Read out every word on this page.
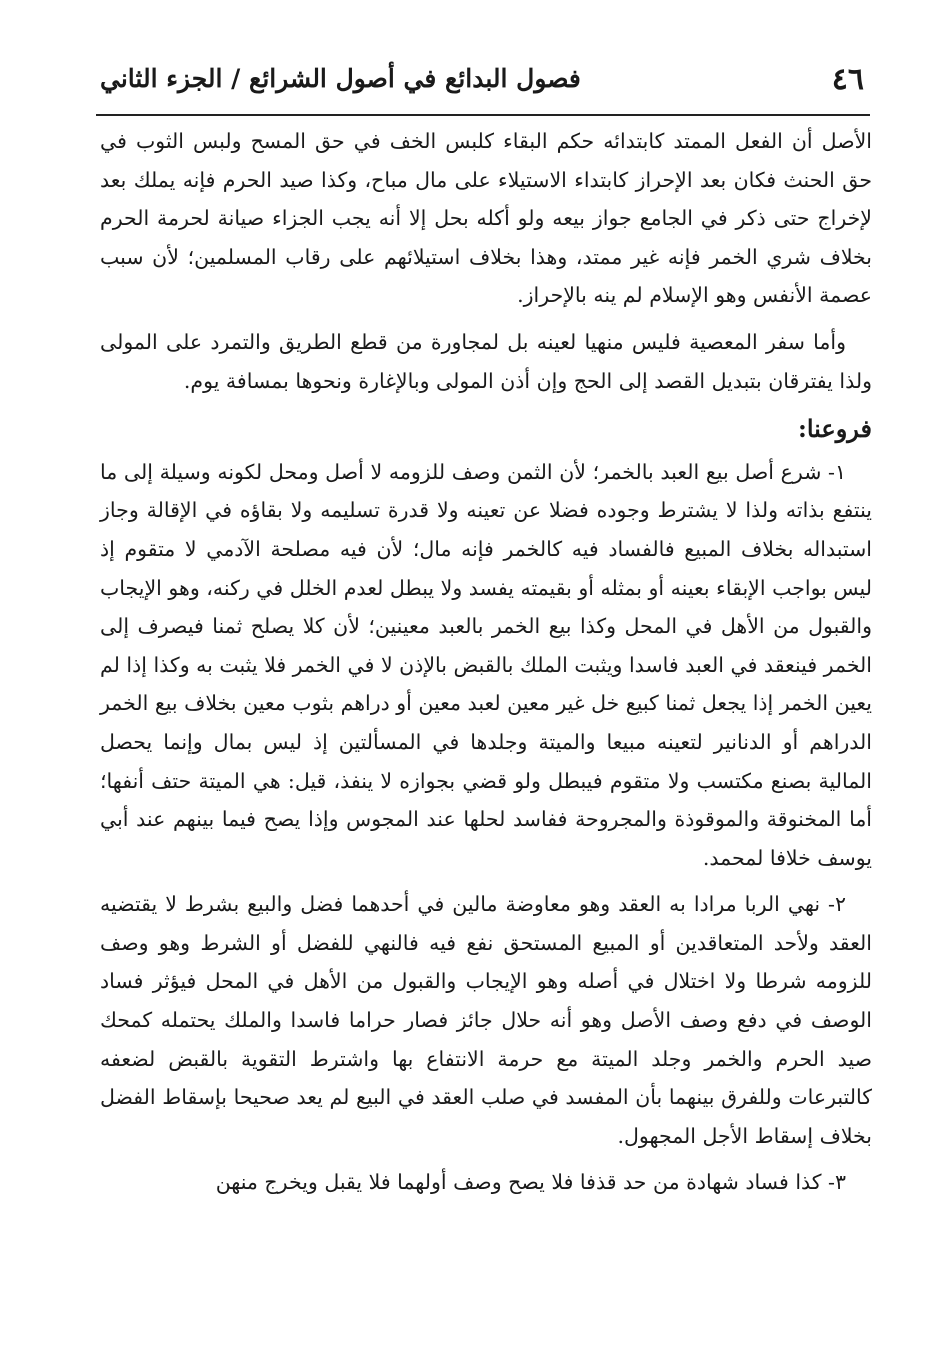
٤٦
فصول البدائع في أصول الشرائع / الجزء الثاني

الأصل أن الفعل الممتد كابتدائه حكم البقاء كلبس الخف في حق المسح ولبس الثوب في حق الحنث فكان بعد الإحراز كابتداء الاستيلاء على مال مباح، وكذا صيد الحرم فإنه يملك بعد لإخراج حتى ذكر في الجامع جواز بيعه ولو أكله بحل إلا أنه يجب الجزاء صيانة لحرمة الحرم بخلاف شري الخمر فإنه غير ممتد، وهذا بخلاف استيلائهم على رقاب المسلمين؛ لأن سبب عصمة الأنفس وهو الإسلام لم ينه بالإحراز.

وأما سفر المعصية فليس منهيا لعينه بل لمجاورة من قطع الطريق والتمرد على المولى ولذا يفترقان بتبديل القصد إلى الحج وإن أذن المولى وبالإغارة ونحوها بمسافة يوم.

فروعنا:

١- شرع أصل بيع العبد بالخمر؛ لأن الثمن وصف للزومه لا أصل ومحل لكونه وسيلة إلى ما ينتفع بذاته ولذا لا يشترط وجوده فضلا عن تعينه ولا قدرة تسليمه ولا بقاؤه في الإقالة وجاز استبداله بخلاف المبيع فالفساد فيه كالخمر فإنه مال؛ لأن فيه مصلحة الآدمي لا متقوم إذ ليس بواجب الإبقاء بعينه أو بمثله أو بقيمته يفسد ولا يبطل لعدم الخلل في ركنه، وهو الإيجاب والقبول من الأهل في المحل وكذا بيع الخمر بالعبد معينين؛ لأن كلا يصلح ثمنا فيصرف إلى الخمر فينعقد في العبد فاسدا ويثبت الملك بالقبض بالإذن لا في الخمر فلا يثبت به وكذا إذا لم يعين الخمر إذا يجعل ثمنا كبيع خل غير معين لعبد معين أو دراهم بثوب معين بخلاف بيع الخمر الدراهم أو الدنانير لتعينه مبيعا والميتة وجلدها في المسألتين إذ ليس بمال وإنما يحصل المالية بصنع مكتسب ولا متقوم فيبطل ولو قضي بجوازه لا ينفذ، قيل: هي الميتة حتف أنفها؛ أما المخنوقة والموقوذة والمجروحة ففاسد لحلها عند المجوس وإذا يصح فيما بينهم عند أبي يوسف خلافا لمحمد.

٢- نهي الربا مرادا به العقد وهو معاوضة مالين في أحدهما فضل والبيع بشرط لا يقتضيه العقد ولأحد المتعاقدين أو المبيع المستحق نفع فيه فالنهي للفضل أو الشرط وهو وصف للزومه شرطا ولا اختلال في أصله وهو الإيجاب والقبول من الأهل في المحل فيؤثر فساد الوصف في دفع وصف الأصل وهو أنه حلال جائز فصار حراما فاسدا والملك يحتمله كمحك صيد الحرم والخمر وجلد الميتة مع حرمة الانتفاع بها واشترط التقوية بالقبض لضعفه كالتبرعات وللفرق بينهما بأن المفسد في صلب العقد في البيع لم يعد صحيحا بإسقاط الفضل بخلاف إسقاط الأجل المجهول.

٣- كذا فساد شهادة من حد قذفا فلا يصح وصف أولهما فلا يقبل ويخرج منهن
